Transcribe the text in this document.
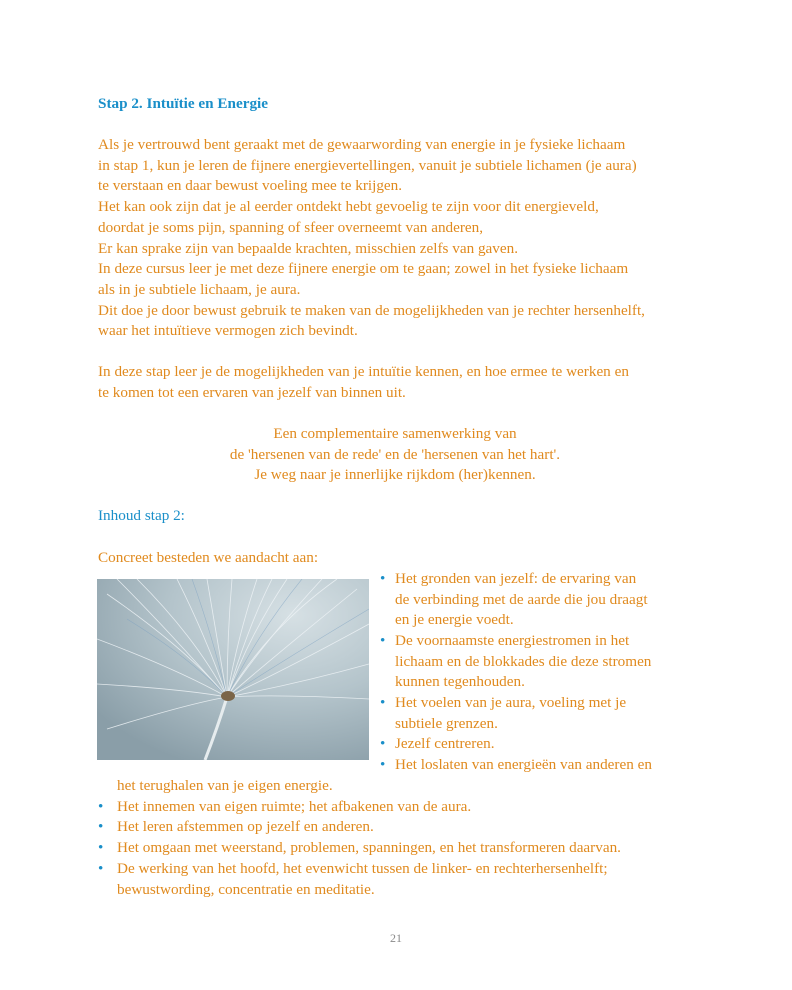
Stap 2. Intuïtie en Energie
Als je vertrouwd bent geraakt met de gewaarwording van energie in je fysieke lichaam
in stap 1, kun je leren de fijnere energievertellingen, vanuit je subtiele lichamen (je aura)
te verstaan en daar bewust voeling mee te krijgen.
Het kan ook zijn dat je al eerder ontdekt hebt gevoelig te zijn voor dit energieveld,
doordat je soms pijn, spanning of sfeer overneemt van anderen,
Er kan sprake zijn van bepaalde krachten, misschien zelfs van gaven.
In deze cursus leer je met deze fijnere energie om te gaan; zowel in het fysieke lichaam
als in je subtiele lichaam, je aura.
Dit doe je door bewust gebruik te maken van de mogelijkheden van je rechter hersenhelft,
waar het intuïtieve vermogen zich bevindt.
In deze stap leer je de mogelijkheden van je intuïtie kennen, en hoe ermee te werken en
te komen tot een ervaren van jezelf van binnen uit.
Een complementaire samenwerking van
de 'hersenen van de rede' en de 'hersenen van het hart'.
Je weg naar je innerlijke rijkdom (her)kennen.
Inhoud stap 2:
Concreet besteden we aandacht aan:
• Het gronden van jezelf: de ervaring van
de verbinding met de aarde die jou draagt
en je energie voedt.
• De voornaamste energiestromen in het
lichaam en de blokkades die deze stromen
kunnen tegenhouden.
• Het voelen van je aura, voeling met je
subtiele grenzen.
• Jezelf centreren.
• Het loslaten van energieën van anderen en
het terughalen van je eigen energie.
• Het innemen van eigen ruimte; het afbakenen van de aura.
• Het leren afstemmen op jezelf en anderen.
• Het omgaan met weerstand, problemen, spanningen, en het transformeren daarvan.
• De werking van het hoofd, het evenwicht tussen de linker- en rechterhersenhelft;
bewustwording, concentratie en meditatie.
21
